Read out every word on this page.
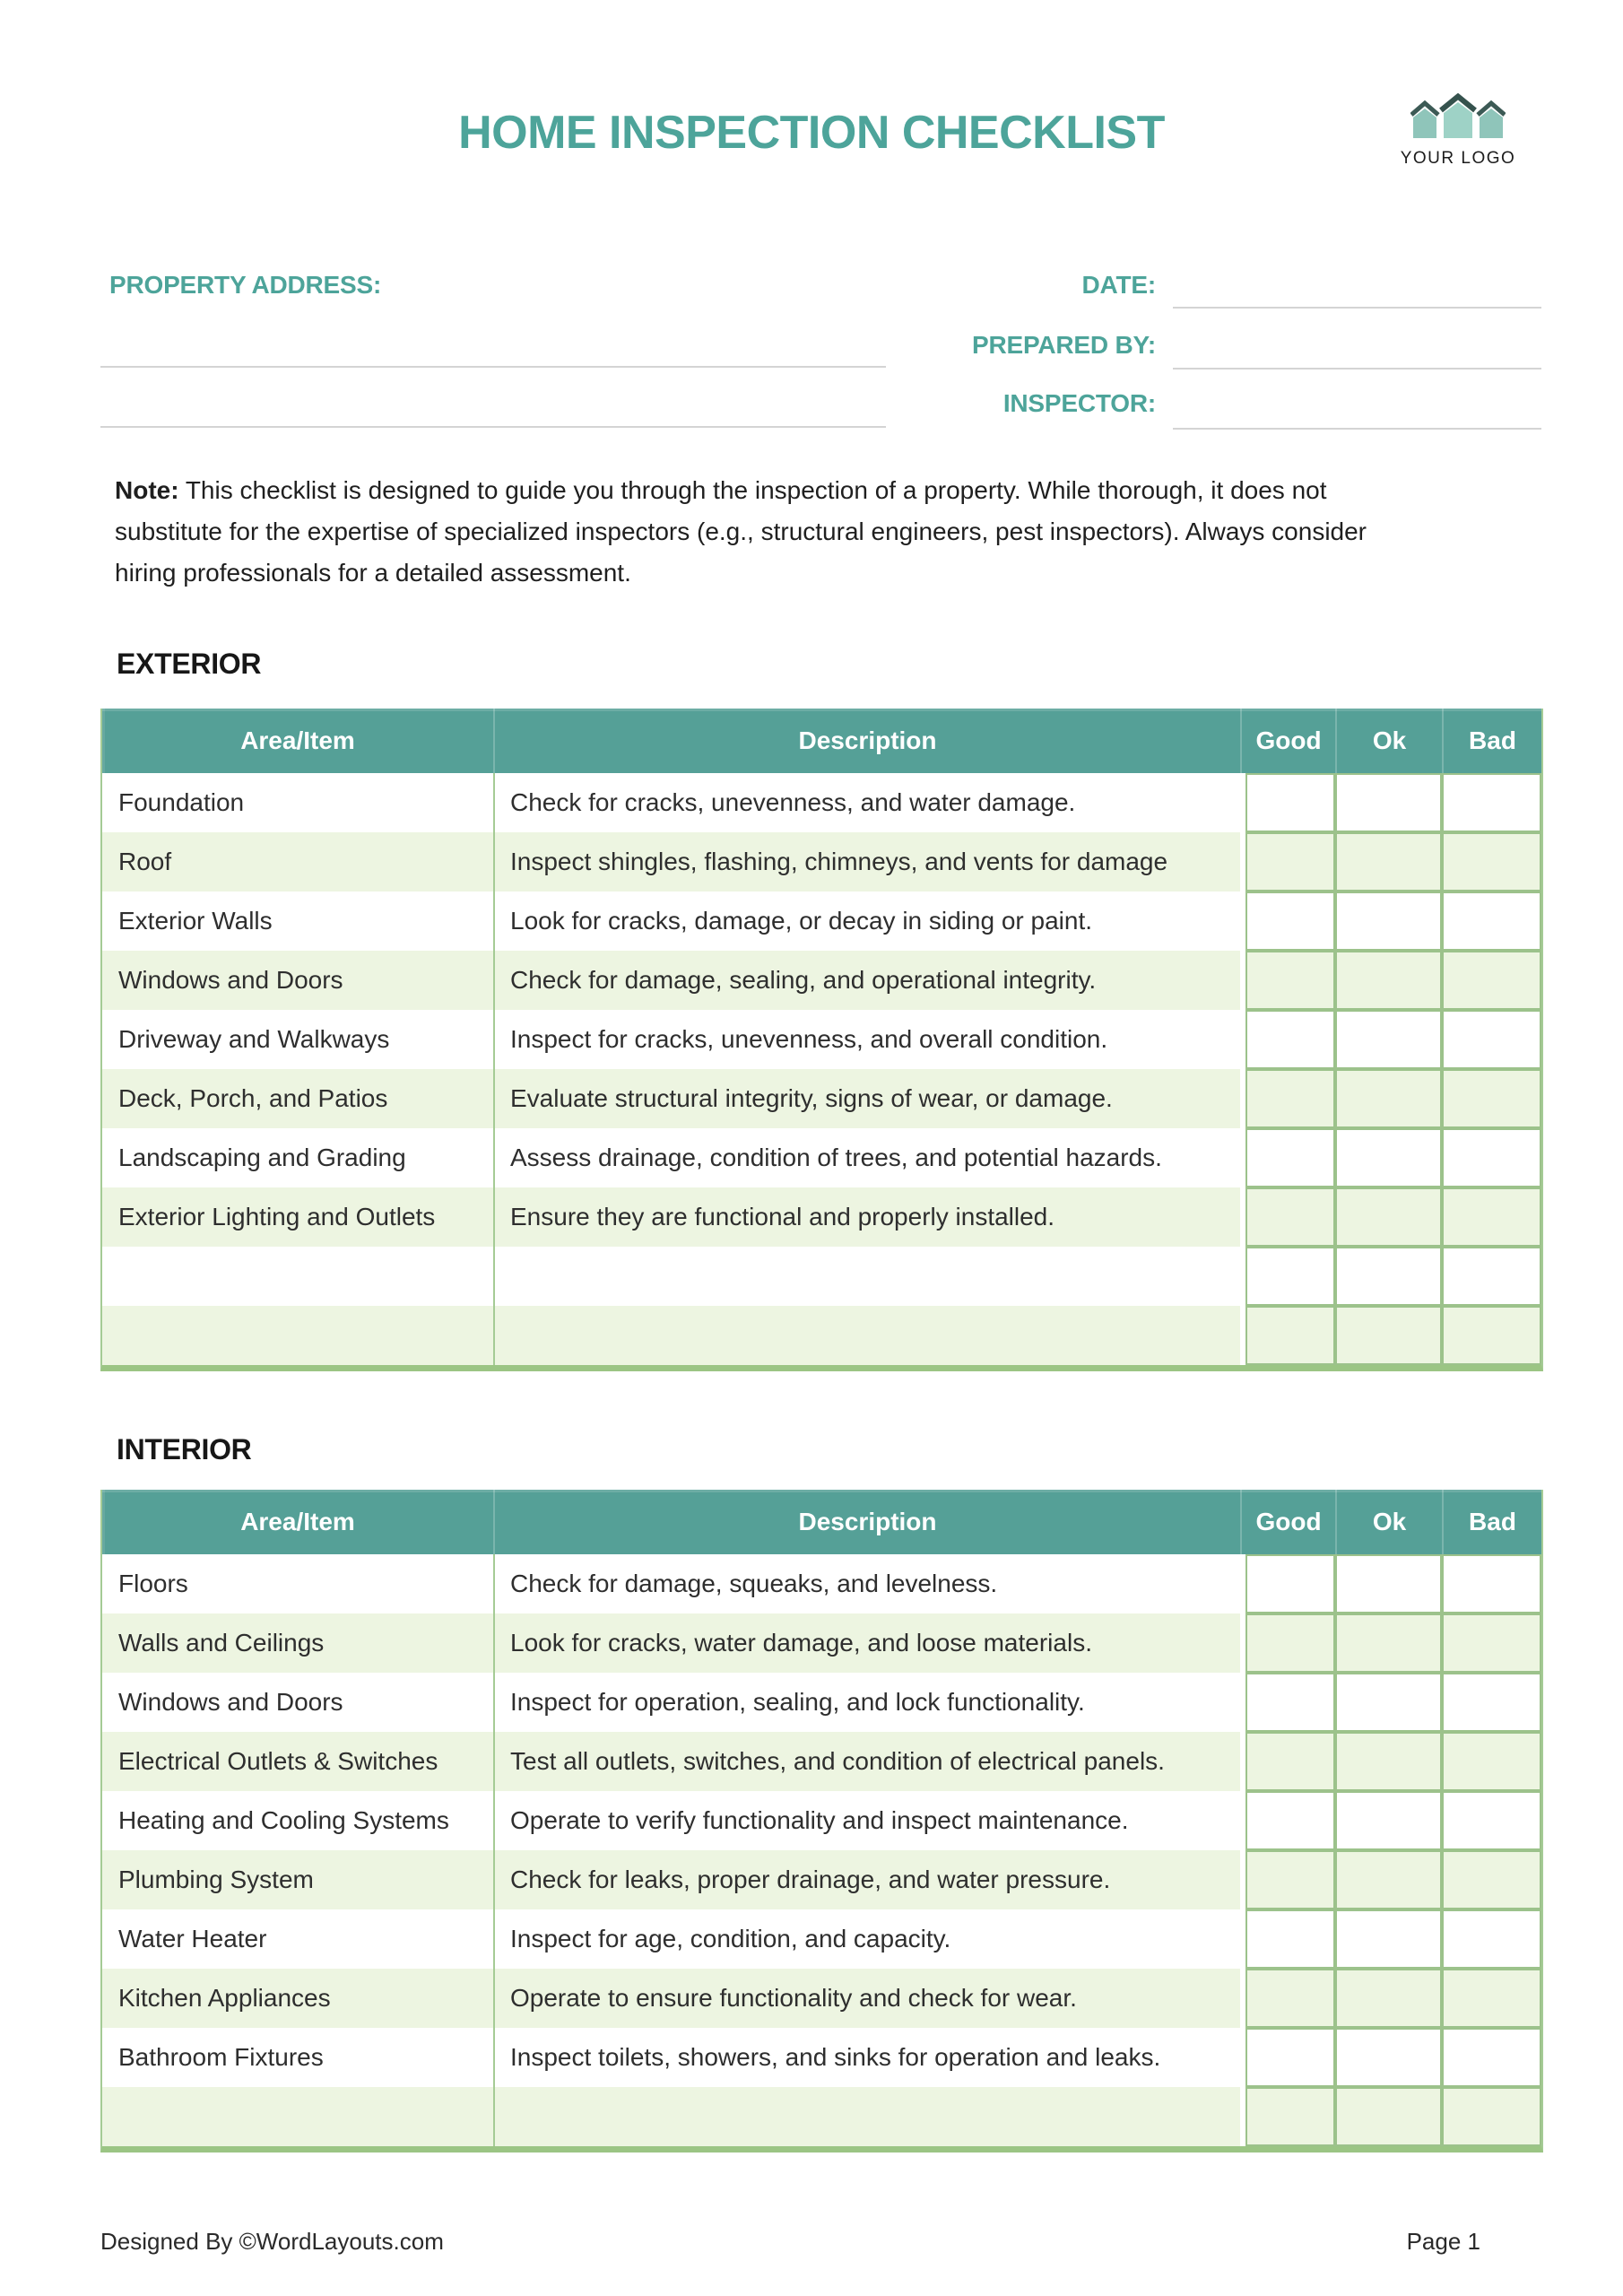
HOME INSPECTION CHECKLIST	YOUR LOGO
PROPERTY ADDRESS:	DATE:
PREPARED BY:
INSPECTOR:
Note: This checklist is designed to guide you through the inspection of a property. While thorough, it does not
substitute for the expertise of specialized inspectors (e.g., structural engineers, pest inspectors). Always consider
hiring professionals for a detailed assessment.
EXTERIOR
Area/Item	Description	Good	Ok	Bad
Foundation	Check for cracks, unevenness, and water damage.
Roof	Inspect shingles, flashing, chimneys, and vents for damage
Exterior Walls	Look for cracks, damage, or decay in siding or paint.
Windows and Doors	Check for damage, sealing, and operational integrity.
Driveway and Walkways	Inspect for cracks, unevenness, and overall condition.
Deck, Porch, and Patios	Evaluate structural integrity, signs of wear, or damage.
Landscaping and Grading	Assess drainage, condition of trees, and potential hazards.
Exterior Lighting and Outlets	Ensure they are functional and properly installed.
INTERIOR
Area/Item	Description	Good	Ok	Bad
Floors	Check for damage, squeaks, and levelness.
Walls and Ceilings	Look for cracks, water damage, and loose materials.
Windows and Doors	Inspect for operation, sealing, and lock functionality.
Electrical Outlets & Switches	Test all outlets, switches, and condition of electrical panels.
Heating and Cooling Systems	Operate to verify functionality and inspect maintenance.
Plumbing System	Check for leaks, proper drainage, and water pressure.
Water Heater	Inspect for age, condition, and capacity.
Kitchen Appliances	Operate to ensure functionality and check for wear.
Bathroom Fixtures	Inspect toilets, showers, and sinks for operation and leaks.
Designed By ©WordLayouts.com	Page 1
